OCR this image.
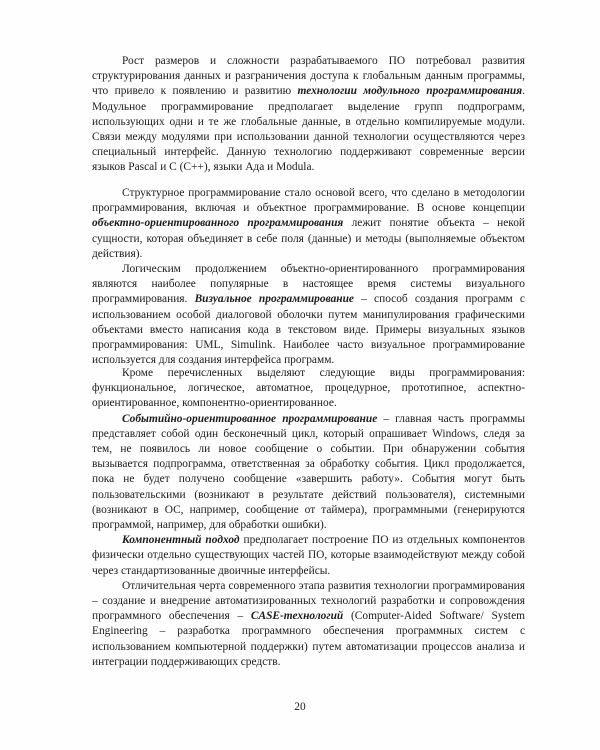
Рост размеров и сложности разрабатываемого ПО потребовал развития структурирования данных и разграничения доступа к глобальным данным программы, что привело к появлению и развитию технологии модульного программирования. Модульное программирование предполагает выделение групп подпрограмм, использующих одни и те же глобальные данные, в отдельно компилируемые модули. Связи между модулями при использовании данной технологии осуществляются через специальный интерфейс. Данную технологию поддерживают современные версии языков Pascal и С (С++), языки Ада и Modula.

Структурное программирование стало основой всего, что сделано в методологии программирования, включая и объектное программирование. В основе концепции объектно-ориентированного программирования лежит понятие объекта – некой сущности, которая объединяет в себе поля (данные) и методы (выполняемые объектом действия).

Логическим продолжением объектно-ориентированного программирования являются наиболее популярные в настоящее время системы визуального программирования. Визуальное программирование – способ создания программ с использованием особой диалоговой оболочки путем манипулирования графическими объектами вместо написания кода в текстовом виде. Примеры визуальных языков программирования: UML, Simulink. Наиболее часто визуальное программирование используется для создания интерфейса программ.

Кроме перечисленных выделяют следующие виды программирования: функциональное, логическое, автоматное, процедурное, прототипное, аспектно-ориентированное, компонентно-ориентированное.

Событийно-ориентированное программирование – главная часть программы представляет собой один бесконечный цикл, который опрашивает Windows, следя за тем, не появилось ли новое сообщение о событии. При обнаружении события вызывается подпрограмма, ответственная за обработку события. Цикл продолжается, пока не будет получено сообщение «завершить работу». События могут быть пользовательскими (возникают в результате действий пользователя), системными (возникают в ОС, например, сообщение от таймера), программными (генерируются программой, например, для обработки ошибки).

Компонентный подход предполагает построение ПО из отдельных компонентов физически отдельно существующих частей ПО, которые взаимодействуют между собой через стандартизованные двоичные интерфейсы.

Отличительная черта современного этапа развития технологии программирования – создание и внедрение автоматизированных технологий разработки и сопровождения программного обеспечения – CASE-технологий (Computer-Aided Software/ System Engineering – разработка программного обеспечения программных систем с использованием компьютерной поддержки) путем автоматизации процессов анализа и интеграции поддерживающих средств.

20
